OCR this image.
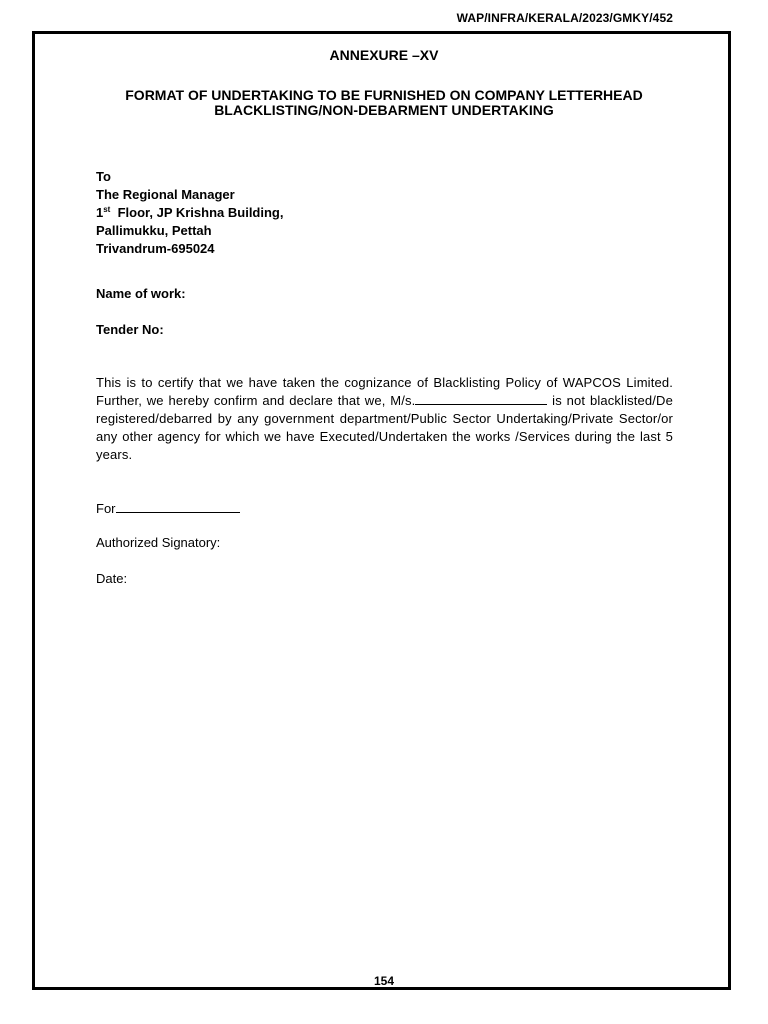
WAP/INFRA/KERALA/2023/GMKY/452
ANNEXURE –XV
FORMAT OF UNDERTAKING TO BE FURNISHED ON COMPANY LETTERHEAD
BLACKLISTING/NON-DEBARMENT UNDERTAKING
To
The Regional Manager
1st  Floor, JP Krishna Building,
Pallimukku, Pettah
Trivandrum-695024
Name of work:
Tender No:
This is to certify that we have taken the cognizance of Blacklisting Policy of WAPCOS Limited. Further, we hereby confirm and declare that we, M/s.	is not blacklisted/De registered/debarred by any government department/Public Sector Undertaking/Private Sector/or any other agency for which we have Executed/Undertaken the works /Services during the last 5 years.
For
Authorized Signatory:
Date:
154
